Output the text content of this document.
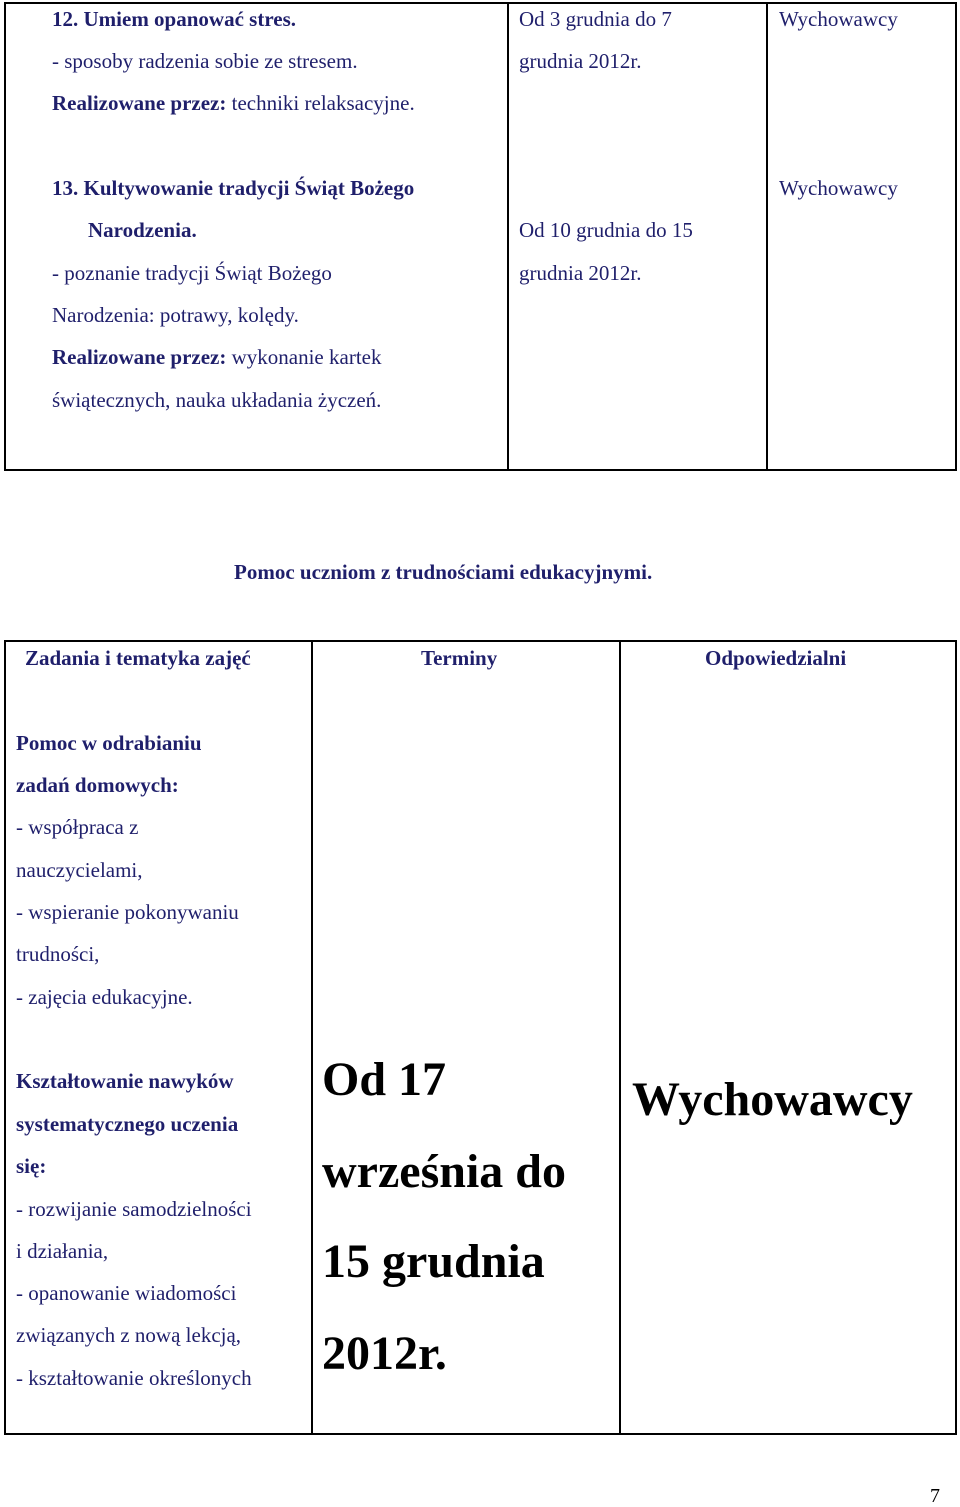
12. Umiem opanować stres.
- sposoby radzenia sobie ze stresem.
Realizowane przez: techniki relaksacyjne.
Od 3 grudnia do 7
grudnia 2012r.
Wychowawcy
13. Kultywowanie tradycji Świąt Bożego
Narodzenia.
- poznanie tradycji Świąt Bożego
Narodzenia: potrawy, kolędy.
Realizowane przez: wykonanie kartek
świątecznych, nauka układania życzeń.
Od 10 grudnia do 15
grudnia 2012r.
Wychowawcy
Pomoc uczniom z trudnościami edukacyjnymi.
Zadania i tematyka zajęć	Terminy	Odpowiedzialni
Pomoc w odrabianiu
zadań domowych:
- współpraca z
nauczycielami,
- wspieranie pokonywaniu
trudności,
- zajęcia edukacyjne.
Kształtowanie nawyków
systematycznego uczenia
się:
- rozwijanie samodzielności
i działania,
- opanowanie wiadomości
związanych z nową lekcją,
- kształtowanie określonych
Od 17
września do
15 grudnia
2012r.
Wychowawcy
7
